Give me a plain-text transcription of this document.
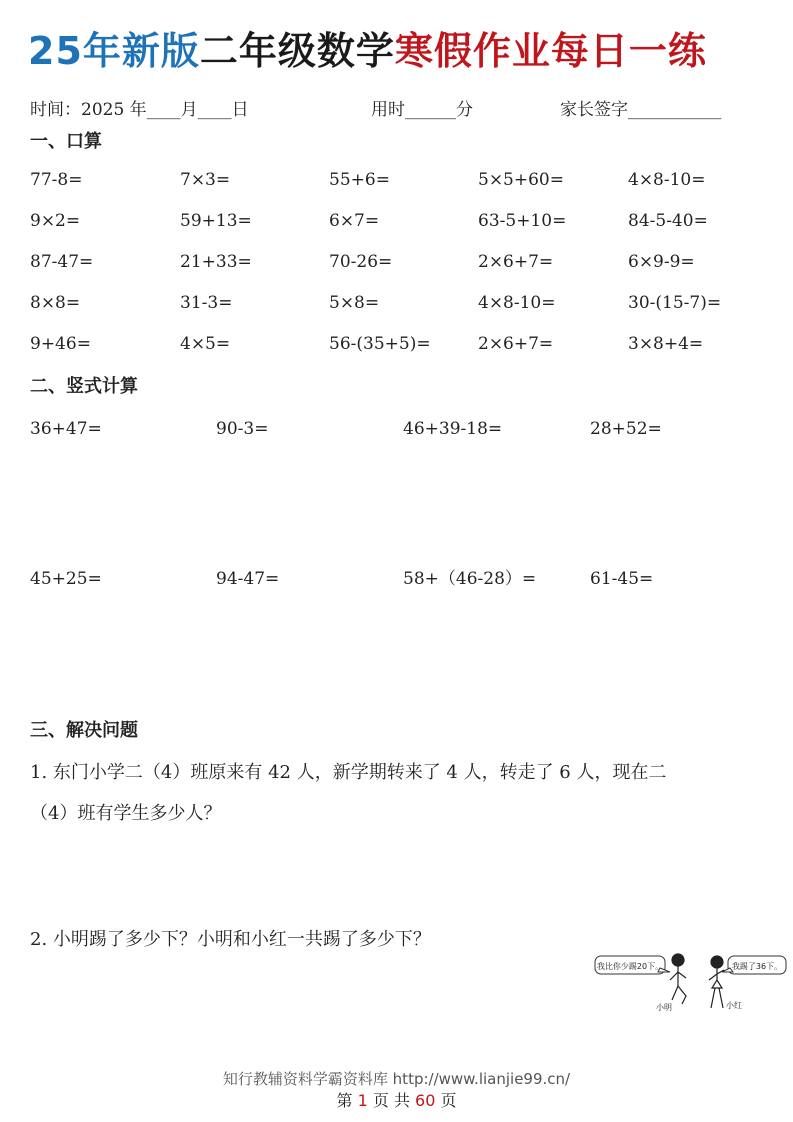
25年新版二年级数学寒假作业每日一练
时间：2025 年____月____日	用时______分	家长签字___________
一、口算
77-8=	7×3=	55+6=	5×5+60=	4×8-10=
9×2=	59+13=	6×7=	63-5+10=	84-5-40=
87-47=	21+33=	70-26=	2×6+7=	6×9-9=
8×8=	31-3=	5×8=	4×8-10=	30-(15-7)=
9+46=	4×5=	56-(35+5)=	2×6+7=	3×8+4=
二、竖式计算
36+47=	90-3=	46+39-18=	28+52=
45+25=	94-47=	58+（46-28）=	61-45=
三、解决问题
1. 东门小学二（4）班原来有 42 人，新学期转来了 4 人，转走了 6 人，现在二
（4）班有学生多少人？
2. 小明踢了多少下？小明和小红一共踢了多少下？
我比你少踢20下。	我踢了36下。
小明	小红
知行教辅资料学霸资料库 http://www.lianjie99.cn/
第 1 页 共 60 页
